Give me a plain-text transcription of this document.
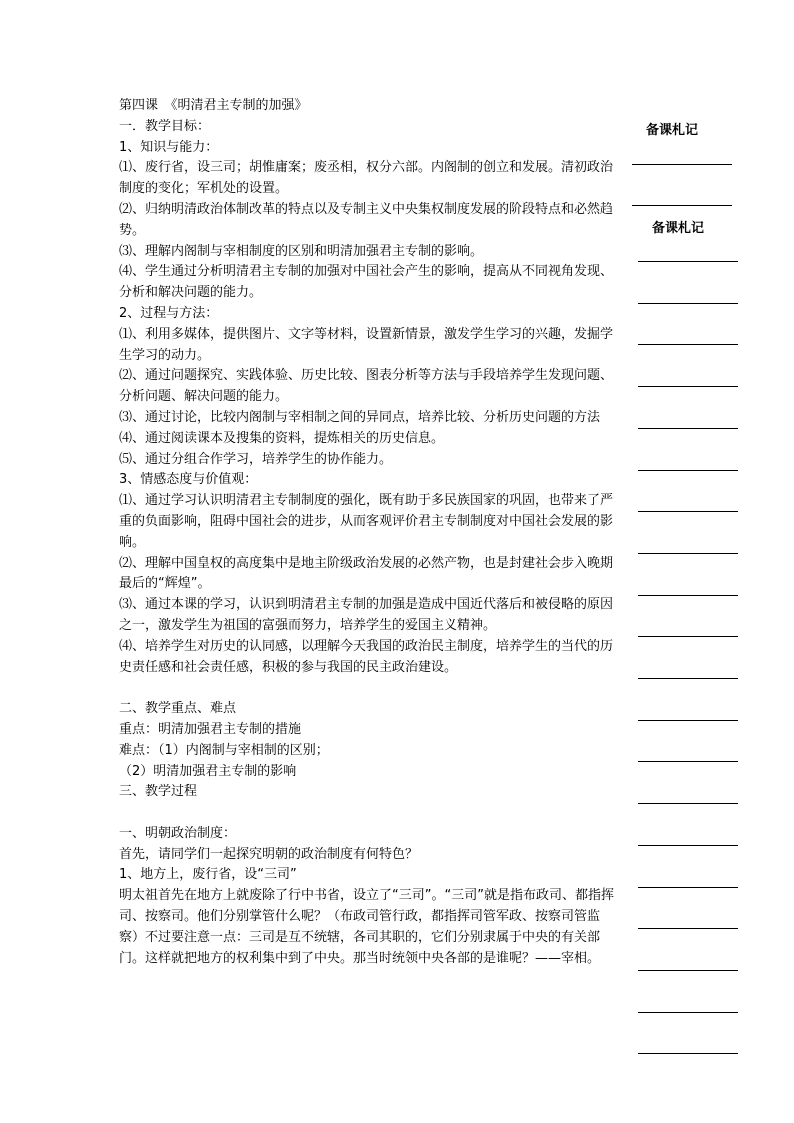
第四课　《明清君主专制的加强》

一．教学目标：

1、知识与能力：

⑴、废行省，设三司；胡惟庸案；废丞相，权分六部。内阁制的创立和发展。清初政治制度的变化；军机处的设置。

⑵、归纳明清政治体制改革的特点以及专制主义中央集权制度发展的阶段特点和必然趋势。

⑶、理解内阁制与宰相制度的区别和明清加强君主专制的影响。

⑷、学生通过分析明清君主专制的加强对中国社会产生的影响，提高从不同视角发现、分析和解决问题的能力。

2、过程与方法：

⑴、利用多媒体，提供图片、文字等材料，设置新情景，激发学生学习的兴趣，发掘学生学习的动力。

⑵、通过问题探究、实践体验、历史比较、图表分析等方法与手段培养学生发现问题、分析问题、解决问题的能力。

⑶、通过讨论，比较内阁制与宰相制之间的异同点，培养比较、分析历史问题的方法

⑷、通过阅读课本及搜集的资料，提炼相关的历史信息。

⑸、通过分组合作学习，培养学生的协作能力。

3、情感态度与价值观：

⑴、通过学习认识明清君主专制制度的强化，既有助于多民族国家的巩固，也带来了严重的负面影响，阻碍中国社会的进步，从而客观评价君主专制制度对中国社会发展的影响。

⑵、理解中国皇权的高度集中是地主阶级政治发展的必然产物，也是封建社会步入晚期最后的“辉煌”。

⑶、通过本课的学习，认识到明清君主专制的加强是造成中国近代落后和被侵略的原因之一，激发学生为祖国的富强而努力，培养学生的爱国主义精神。

⑷、培养学生对历史的认同感，以理解今天我国的政治民主制度，培养学生的当代的历史责任感和社会责任感，积极的参与我国的民主政治建设。

二、教学重点、难点

重点：明清加强君主专制的措施

难点：（1）内阁制与宰相制的区别；

（2）明清加强君主专制的影响

三、教学过程

一、明朝政治制度：

首先，请同学们一起探究明朝的政治制度有何特色？

1、地方上，废行省，设“三司”

明太祖首先在地方上就废除了行中书省，设立了“三司”。“三司”就是指布政司、都指挥司、按察司。他们分别掌管什么呢？（布政司管行政，都指挥司管军政、按察司管监察）不过要注意一点：三司是互不统辖，各司其职的，它们分别隶属于中央的有关部门。这样就把地方的权利集中到了中央。那当时统领中央各部的是谁呢？——宰相。

备课札记
备课札记
